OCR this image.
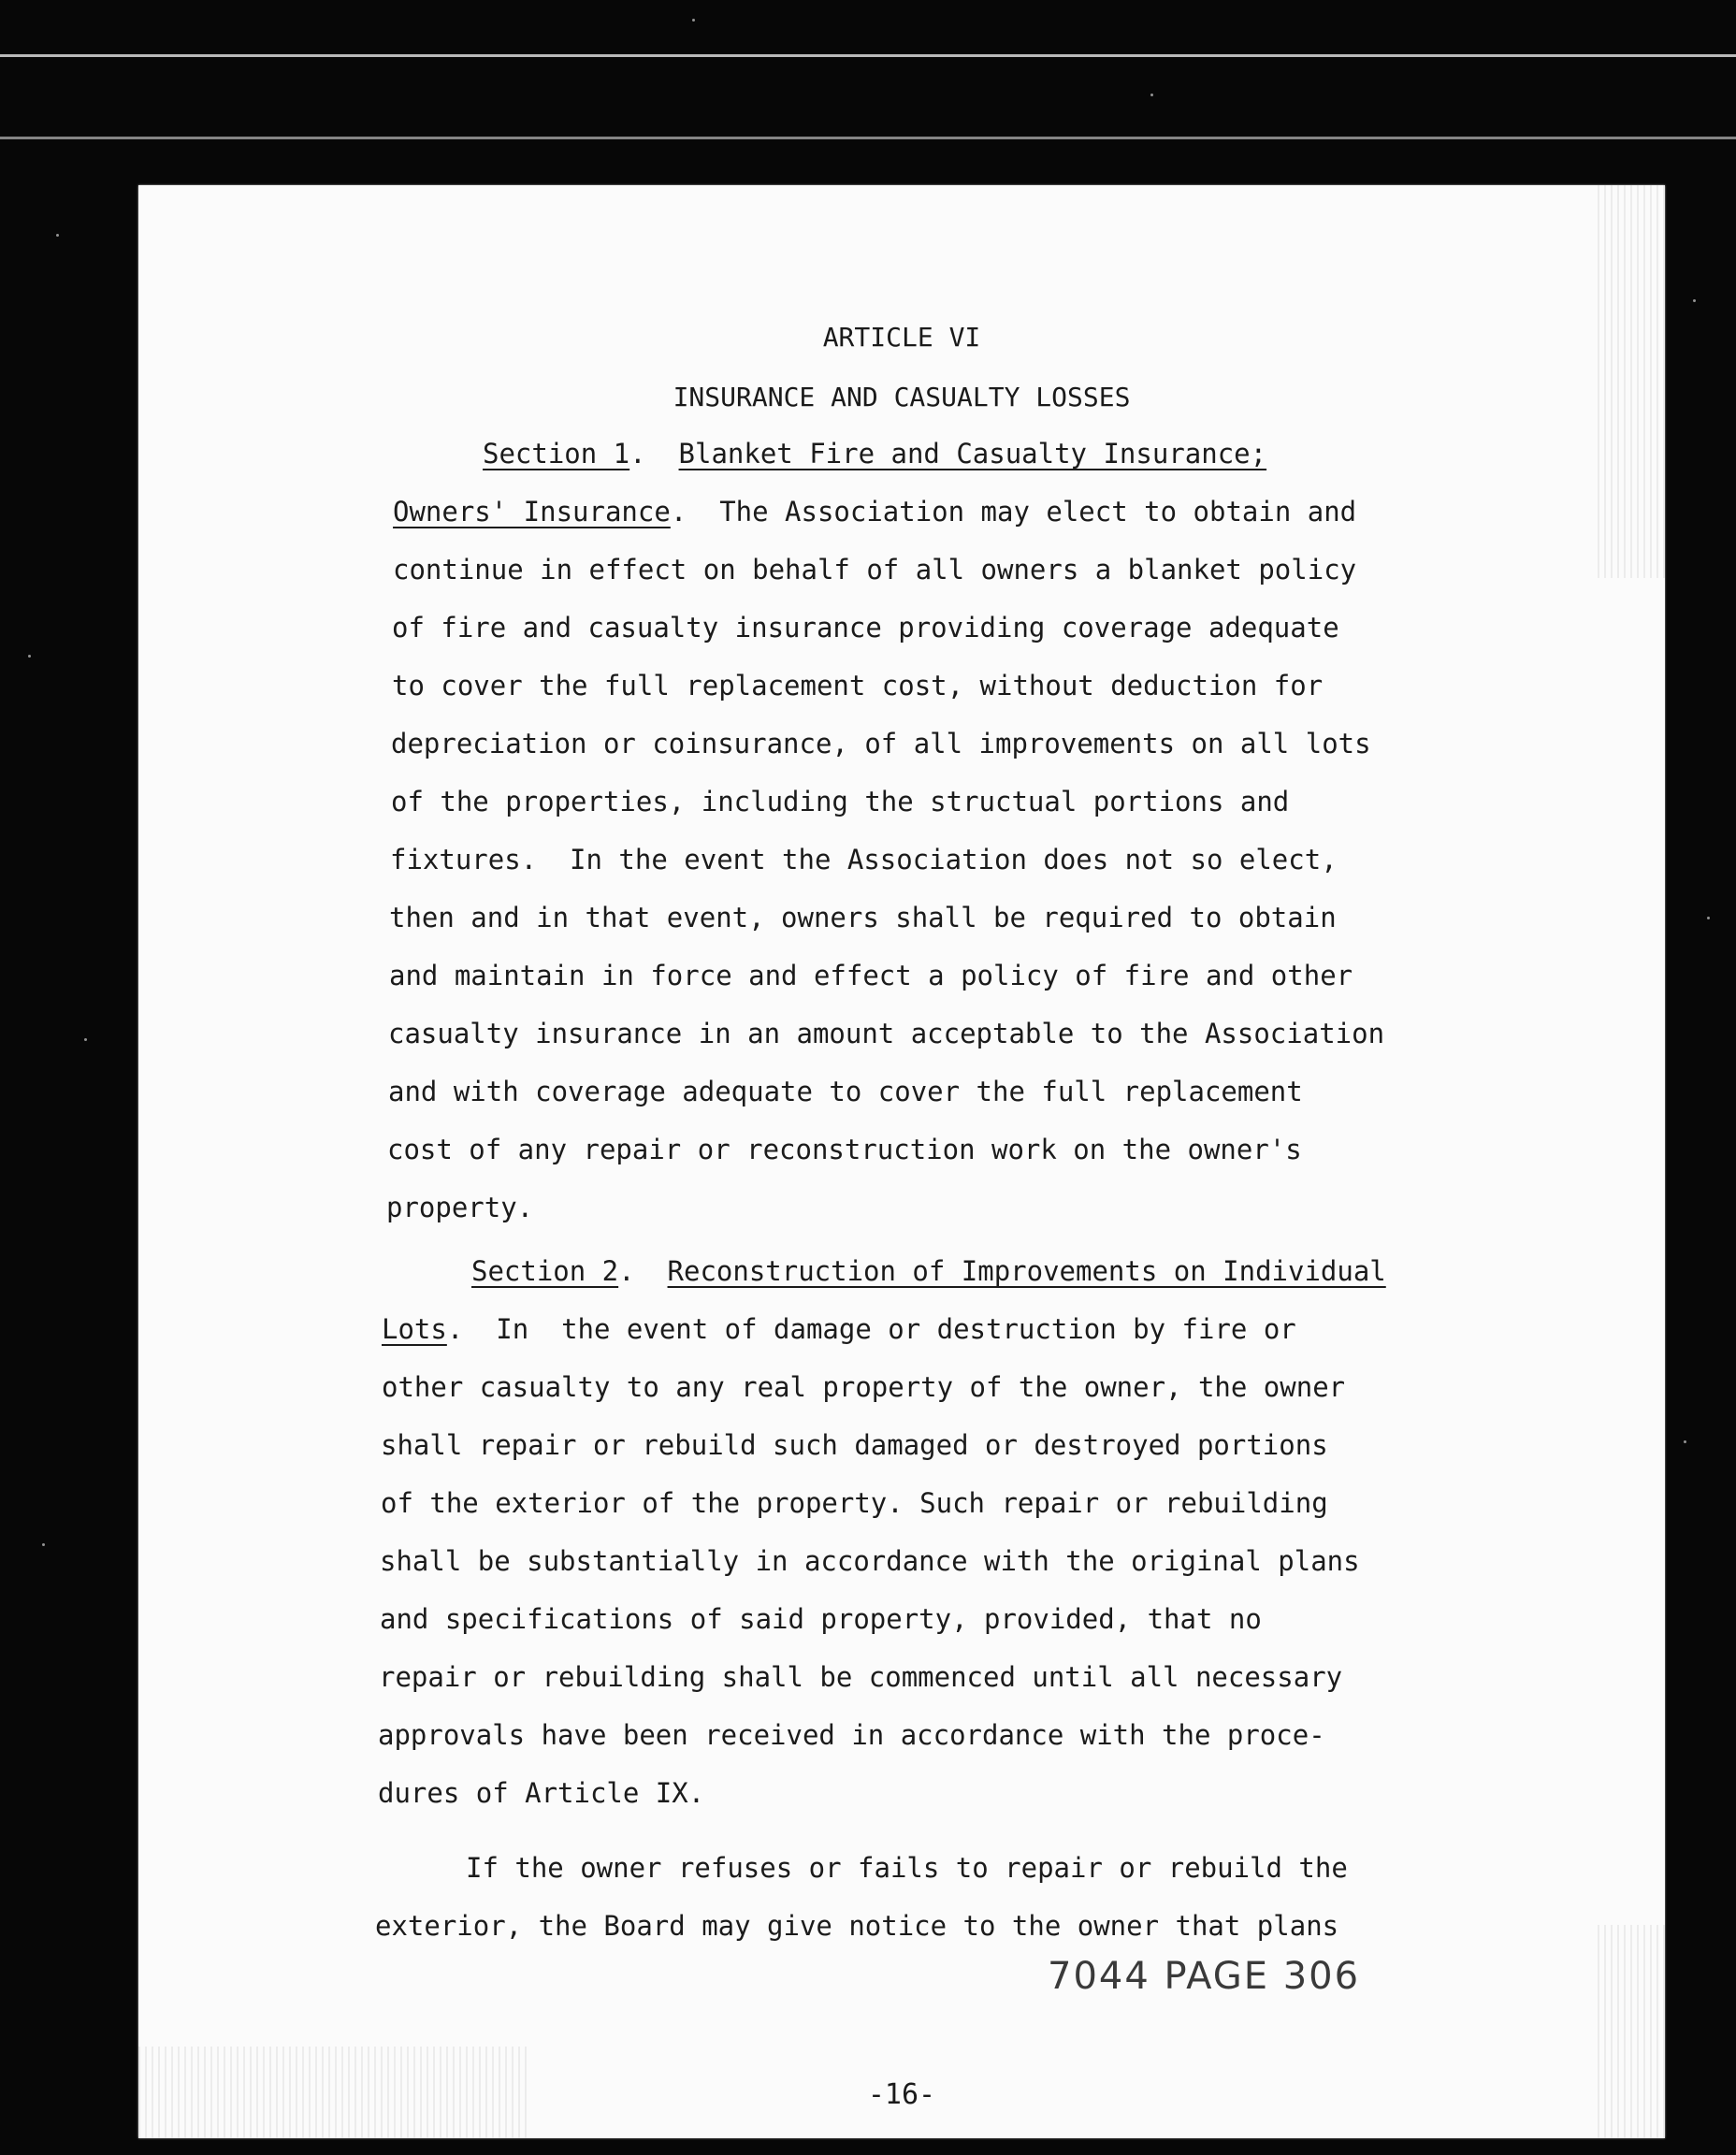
ARTICLE VI
INSURANCE AND CASUALTY LOSSES
Section 1.  Blanket Fire and Casualty Insurance;
Owners' Insurance.  The Association may elect to obtain and
continue in effect on behalf of all owners a blanket policy
of fire and casualty insurance providing coverage adequate
to cover the full replacement cost, without deduction for
depreciation or coinsurance, of all improvements on all lots
of the properties, including the structual portions and
fixtures.  In the event the Association does not so elect,
then and in that event, owners shall be required to obtain
and maintain in force and effect a policy of fire and other
casualty insurance in an amount acceptable to the Association
and with coverage adequate to cover the full replacement
cost of any repair or reconstruction work on the owner's
property.
Section 2.  Reconstruction of Improvements on Individual
Lots.  In  the event of damage or destruction by fire or
other casualty to any real property of the owner, the owner
shall repair or rebuild such damaged or destroyed portions
of the exterior of the property. Such repair or rebuilding
shall be substantially in accordance with the original plans
and specifications of said property, provided, that no
repair or rebuilding shall be commenced until all necessary
approvals have been received in accordance with the proce-
dures of Article IX.
If the owner refuses or fails to repair or rebuild the
exterior, the Board may give notice to the owner that plans
7044 PAGE 306
-16-
